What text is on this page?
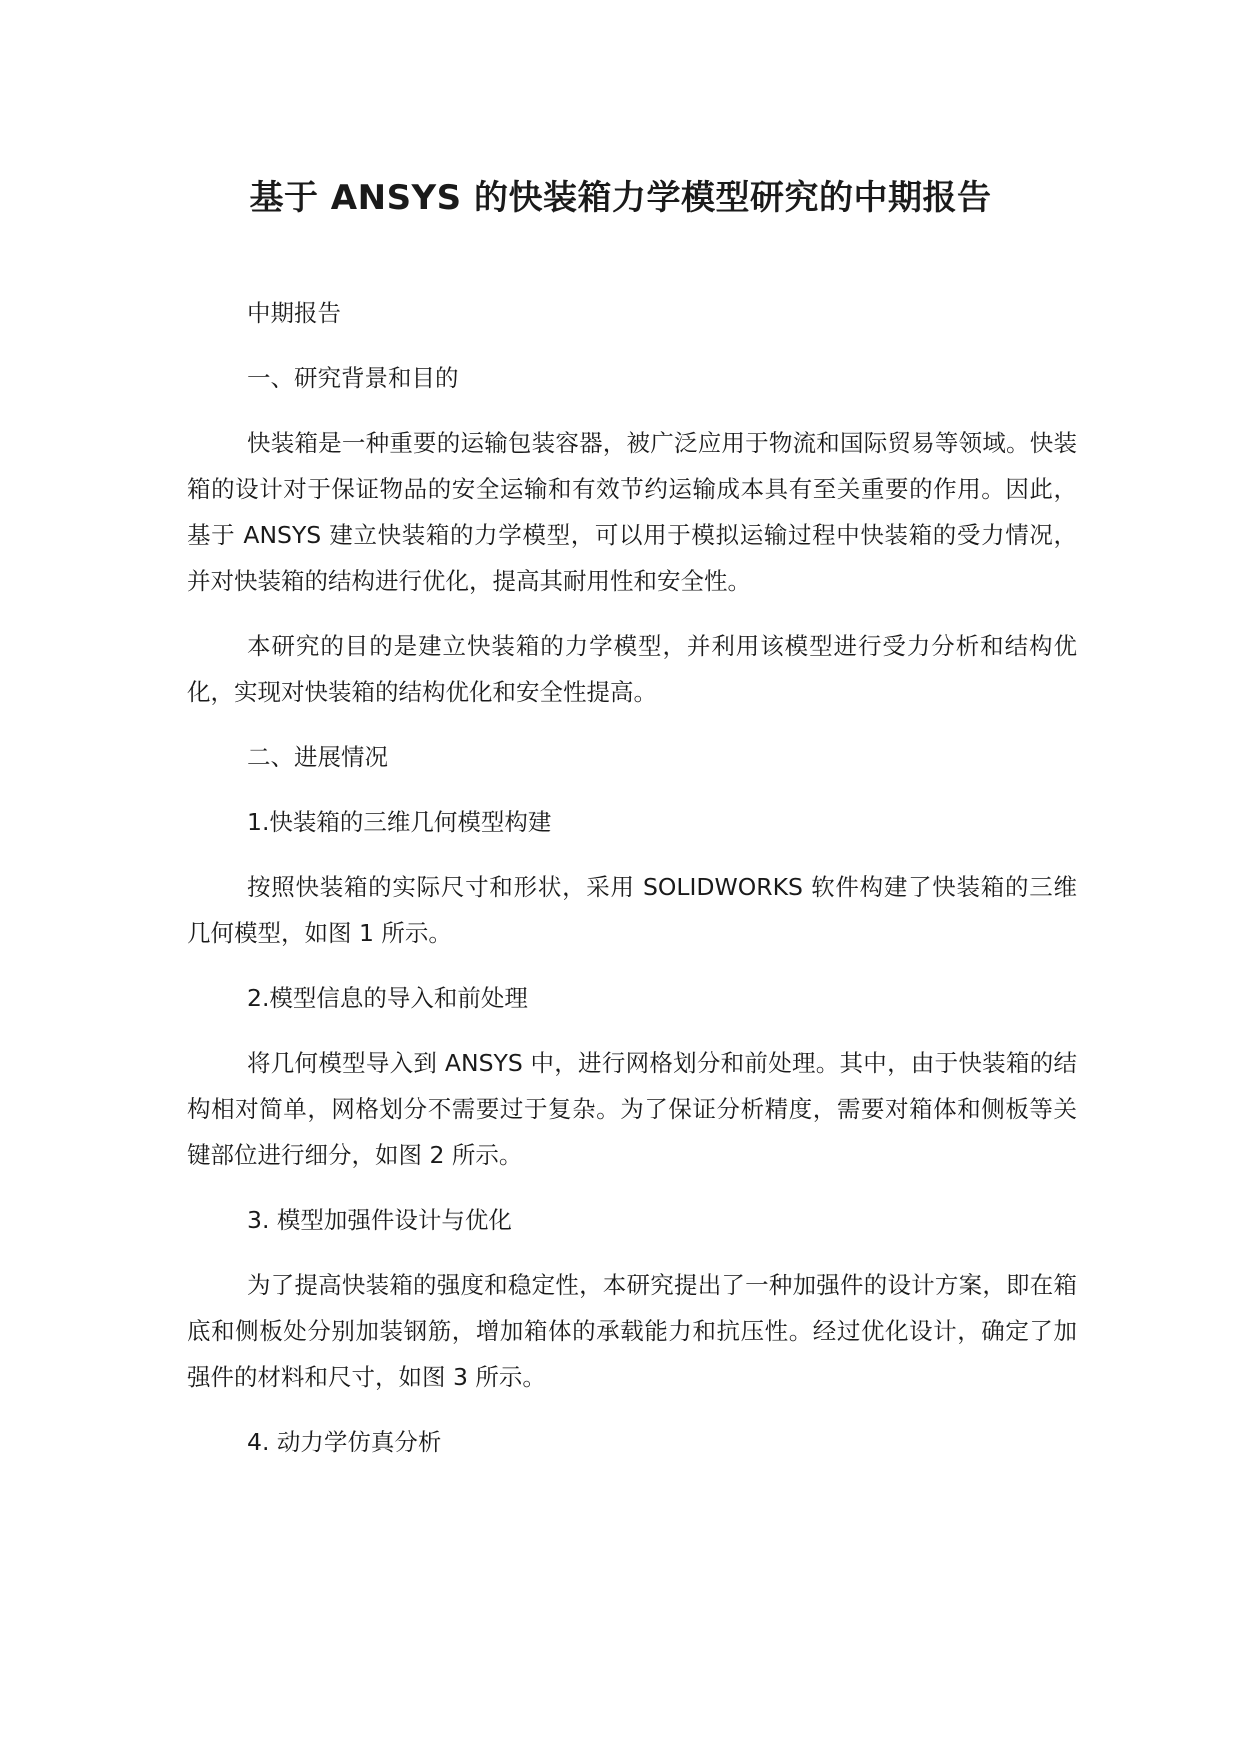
基于 ANSYS 的快装箱力学模型研究的中期报告

中期报告

一、研究背景和目的

快装箱是一种重要的运输包装容器，被广泛应用于物流和国际贸易等领域。快装箱的设计对于保证物品的安全运输和有效节约运输成本具有至关重要的作用。因此，基于 ANSYS 建立快装箱的力学模型，可以用于模拟运输过程中快装箱的受力情况，并对快装箱的结构进行优化，提高其耐用性和安全性。

本研究的目的是建立快装箱的力学模型，并利用该模型进行受力分析和结构优化，实现对快装箱的结构优化和安全性提高。

二、进展情况

1.快装箱的三维几何模型构建

按照快装箱的实际尺寸和形状，采用 SOLIDWORKS 软件构建了快装箱的三维几何模型，如图 1 所示。

2.模型信息的导入和前处理

将几何模型导入到 ANSYS 中，进行网格划分和前处理。其中，由于快装箱的结构相对简单，网格划分不需要过于复杂。为了保证分析精度，需要对箱体和侧板等关键部位进行细分，如图 2 所示。

3. 模型加强件设计与优化

为了提高快装箱的强度和稳定性，本研究提出了一种加强件的设计方案，即在箱底和侧板处分别加装钢筋，增加箱体的承载能力和抗压性。经过优化设计，确定了加强件的材料和尺寸，如图 3 所示。

4. 动力学仿真分析
